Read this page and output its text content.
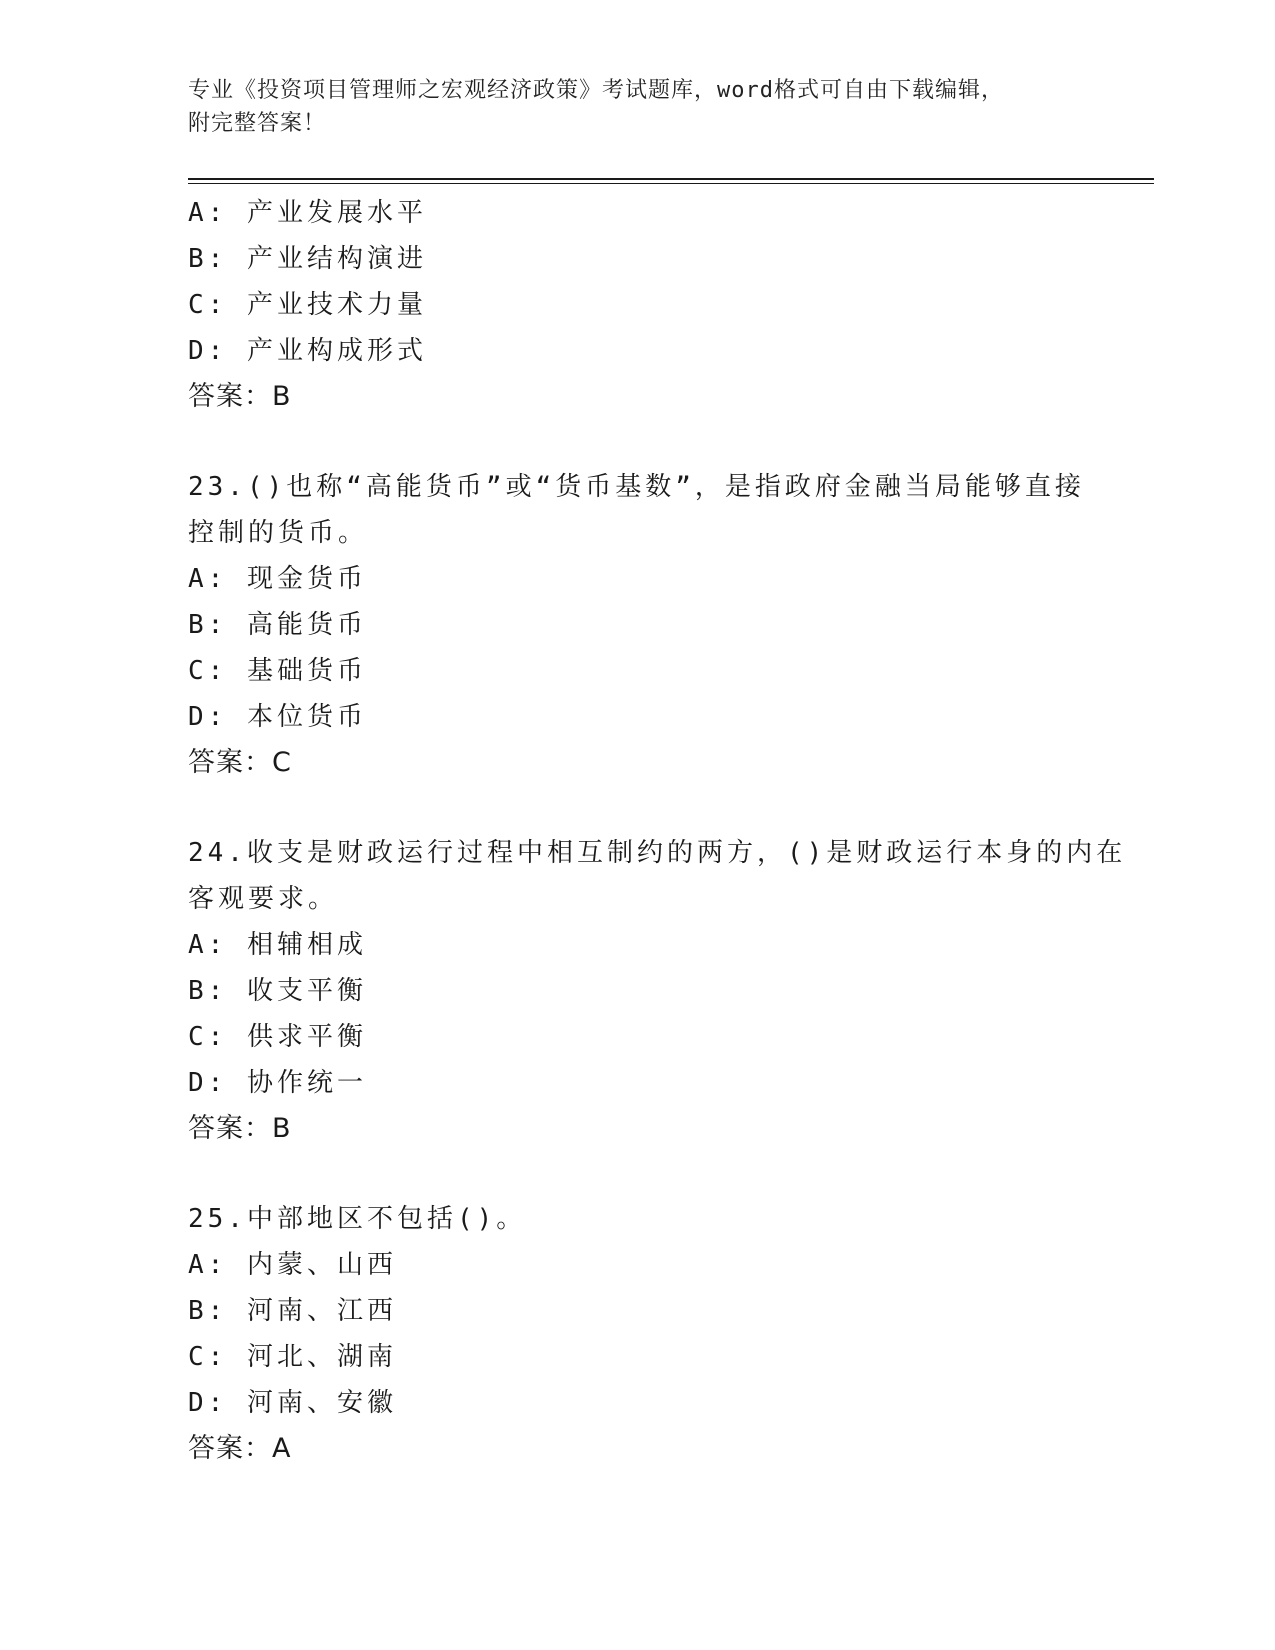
专业《投资项目管理师之宏观经济政策》考试题库，word格式可自由下载编辑，
附完整答案！
A: 产业发展水平
B: 产业结构演进
C: 产业技术力量
D: 产业构成形式
答案：B
23.()也称“高能货币”或“货币基数”，是指政府金融当局能够直接
控制的货币。
A: 现金货币
B: 高能货币
C: 基础货币
D: 本位货币
答案：C
24.收支是财政运行过程中相互制约的两方，()是财政运行本身的内在
客观要求。
A: 相辅相成
B: 收支平衡
C: 供求平衡
D: 协作统一
答案：B
25.中部地区不包括()。
A: 内蒙、山西
B: 河南、江西
C: 河北、湖南
D: 河南、安徽
答案：A
